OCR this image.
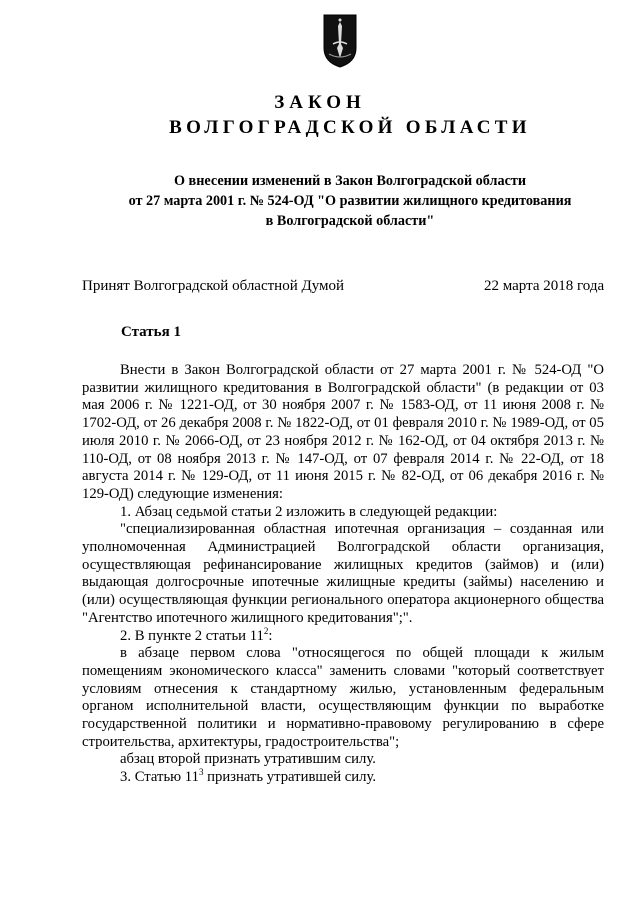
ЗАКОН
ВОЛГОГРАДСКОЙ ОБЛАСТИ
О внесении изменений в Закон Волгоградской области
от 27 марта 2001 г. № 524-ОД "О развитии жилищного кредитования
в Волгоградской области"
Принят Волгоградской областной Думой	22 марта 2018 года
Статья 1

Внести в Закон Волгоградской области от 27 марта 2001 г. № 524-ОД "О развитии жилищного кредитования в Волгоградской области" (в редакции от 03 мая 2006 г. № 1221-ОД, от 30 ноября 2007 г. № 1583-ОД, от 11 июня 2008 г. № 1702-ОД, от 26 декабря 2008 г. № 1822-ОД, от 01 февраля 2010 г. № 1989-ОД, от 05 июля 2010 г. № 2066-ОД, от 23 ноября 2012 г. № 162-ОД, от 04 октября 2013 г. № 110-ОД, от 08 ноября 2013 г. № 147-ОД, от 07 февраля 2014 г. № 22-ОД, от 18 августа 2014 г. № 129-ОД, от 11 июня 2015 г. № 82-ОД, от 06 декабря 2016 г. № 129-ОД) следующие изменения:

1. Абзац седьмой статьи 2 изложить в следующей редакции:

"специализированная областная ипотечная организация – созданная или уполномоченная Администрацией Волгоградской области организация, осуществляющая рефинансирование жилищных кредитов (займов) и (или) выдающая долгосрочные ипотечные жилищные кредиты (займы) населению и (или) осуществляющая функции регионального оператора акционерного общества "Агентство ипотечного жилищного кредитования";".

2. В пункте 2 статьи $11^2$:

в абзаце первом слова "относящегося по общей площади к жилым помещениям экономического класса" заменить словами "который соответствует условиям отнесения к стандартному жилью, установленным федеральным органом исполнительной власти, осуществляющим функции по выработке государственной политики и нормативно-правовому регулированию в сфере строительства, архитектуры, градостроительства";

абзац второй признать утратившим силу.

3. Статью $11^3$ признать утратившей силу.
